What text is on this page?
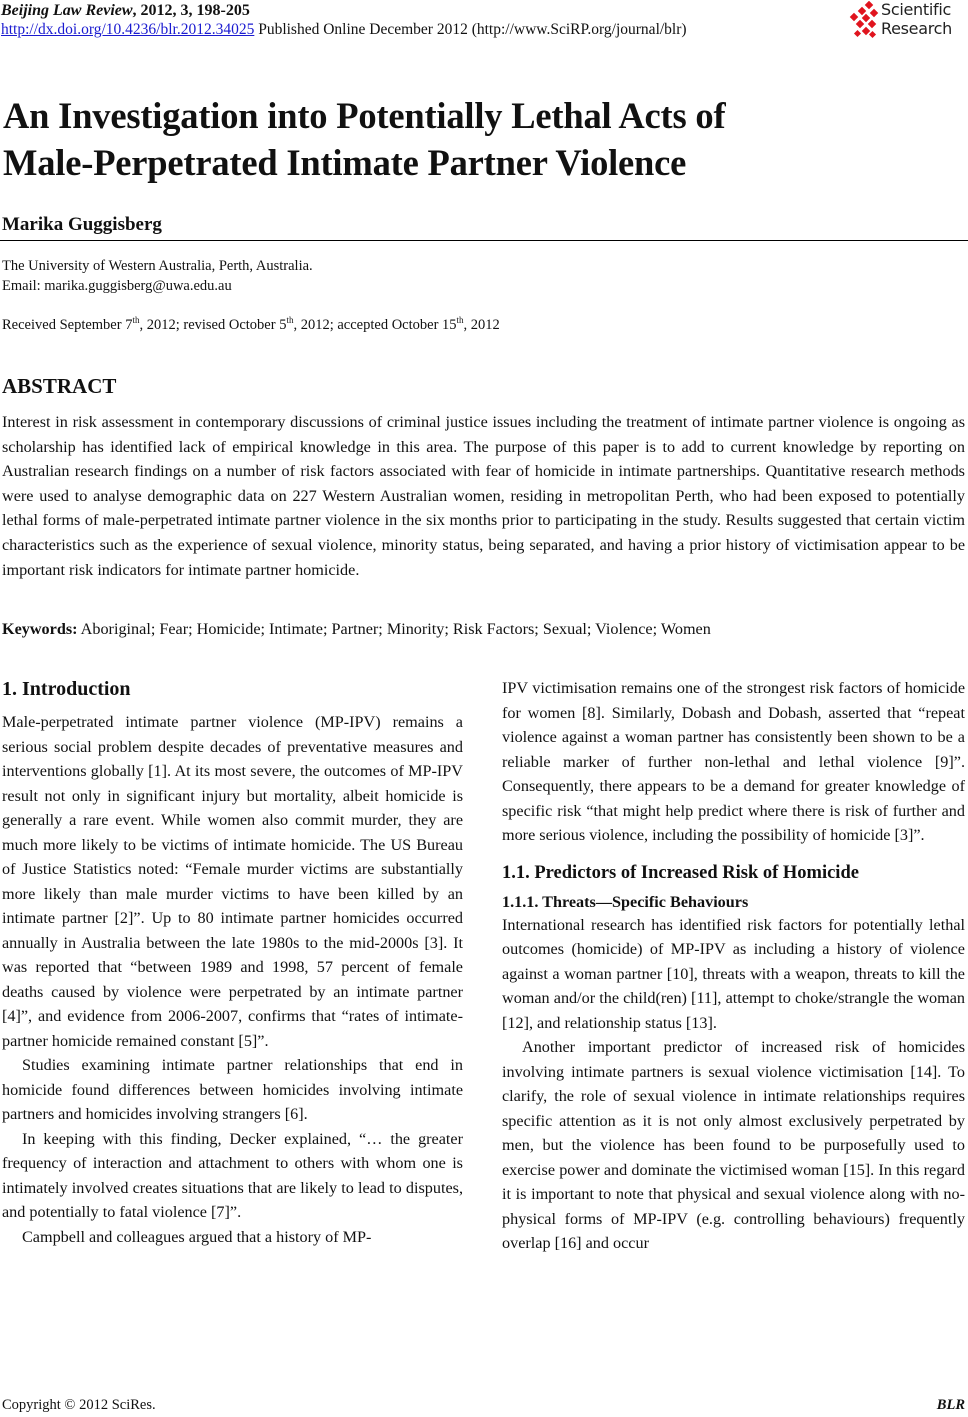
Beijing Law Review, 2012, 3, 198-205
http://dx.doi.org/10.4236/blr.2012.34025 Published Online December 2012 (http://www.SciRP.org/journal/blr)
Scientific
Research
An Investigation into Potentially Lethal Acts of
Male-Perpetrated Intimate Partner Violence
Marika Guggisberg
The University of Western Australia, Perth, Australia.
Email: marika.guggisberg@uwa.edu.au
Received September 7th, 2012; revised October 5th, 2012; accepted October 15th, 2012
ABSTRACT
Interest in risk assessment in contemporary discussions of criminal justice issues including the treatment of intimate partner violence is ongoing as scholarship has identified lack of empirical knowledge in this area. The purpose of this paper is to add to current knowledge by reporting on Australian research findings on a number of risk factors associated with fear of homicide in intimate partnerships. Quantitative research methods were used to analyse demographic data on 227 Western Australian women, residing in metropolitan Perth, who had been exposed to potentially lethal forms of male-perpetrated intimate partner violence in the six months prior to participating in the study. Results suggested that certain victim characteristics such as the experience of sexual violence, minority status, being separated, and having a prior history of victimisation appear to be important risk indicators for intimate partner homicide.
Keywords: Aboriginal; Fear; Homicide; Intimate; Partner; Minority; Risk Factors; Sexual; Violence; Women
1. Introduction

Male-perpetrated intimate partner violence (MP-IPV) remains a serious social problem despite decades of preventative measures and interventions globally [1]. At its most severe, the outcomes of MP-IPV result not only in significant injury but mortality, albeit homicide is generally a rare event. While women also commit murder, they are much more likely to be victims of intimate homicide. The US Bureau of Justice Statistics noted: “Female murder victims are substantially more likely than male murder victims to have been killed by an intimate partner [2]”. Up to 80 intimate partner homicides occurred annually in Australia between the late 1980s to the mid-2000s [3]. It was reported that “between 1989 and 1998, 57 percent of female deaths caused by violence were perpetrated by an intimate partner [4]”, and evidence from 2006-2007, confirms that “rates of intimate-partner homicide remained constant [5]”.

Studies examining intimate partner relationships that end in homicide found differences between homicides involving intimate partners and homicides involving strangers [6].

In keeping with this finding, Decker explained, “… the greater frequency of interaction and attachment to others with whom one is intimately involved creates situations that are likely to lead to disputes, and potentially to fatal violence [7]”.

Campbell and colleagues argued that a history of MP-

IPV victimisation remains one of the strongest risk factors of homicide for women [8]. Similarly, Dobash and Dobash, asserted that “repeat violence against a woman partner has consistently been shown to be a reliable marker of further non-lethal and lethal violence [9]”. Consequently, there appears to be a demand for greater knowledge of specific risk “that might help predict where there is risk of further and more serious violence, including the possibility of homicide [3]”.

1.1. Predictors of Increased Risk of Homicide
1.1.1. Threats—Specific Behaviours

International research has identified risk factors for potentially lethal outcomes (homicide) of MP-IPV as including a history of violence against a woman partner [10], threats with a weapon, threats to kill the woman and/or the child(ren) [11], attempt to choke/strangle the woman [12], and relationship status [13].

Another important predictor of increased risk of homicides involving intimate partners is sexual violence victimisation [14]. To clarify, the role of sexual violence in intimate relationships requires specific attention as it is not only almost exclusively perpetrated by men, but the violence has been found to be purposefully used to exercise power and dominate the victimised woman [15]. In this regard it is important to note that physical and sexual violence along with no-physical forms of MP-IPV (e.g. controlling behaviours) frequently overlap [16] and occur

Copyright © 2012 SciRes.	BLR
